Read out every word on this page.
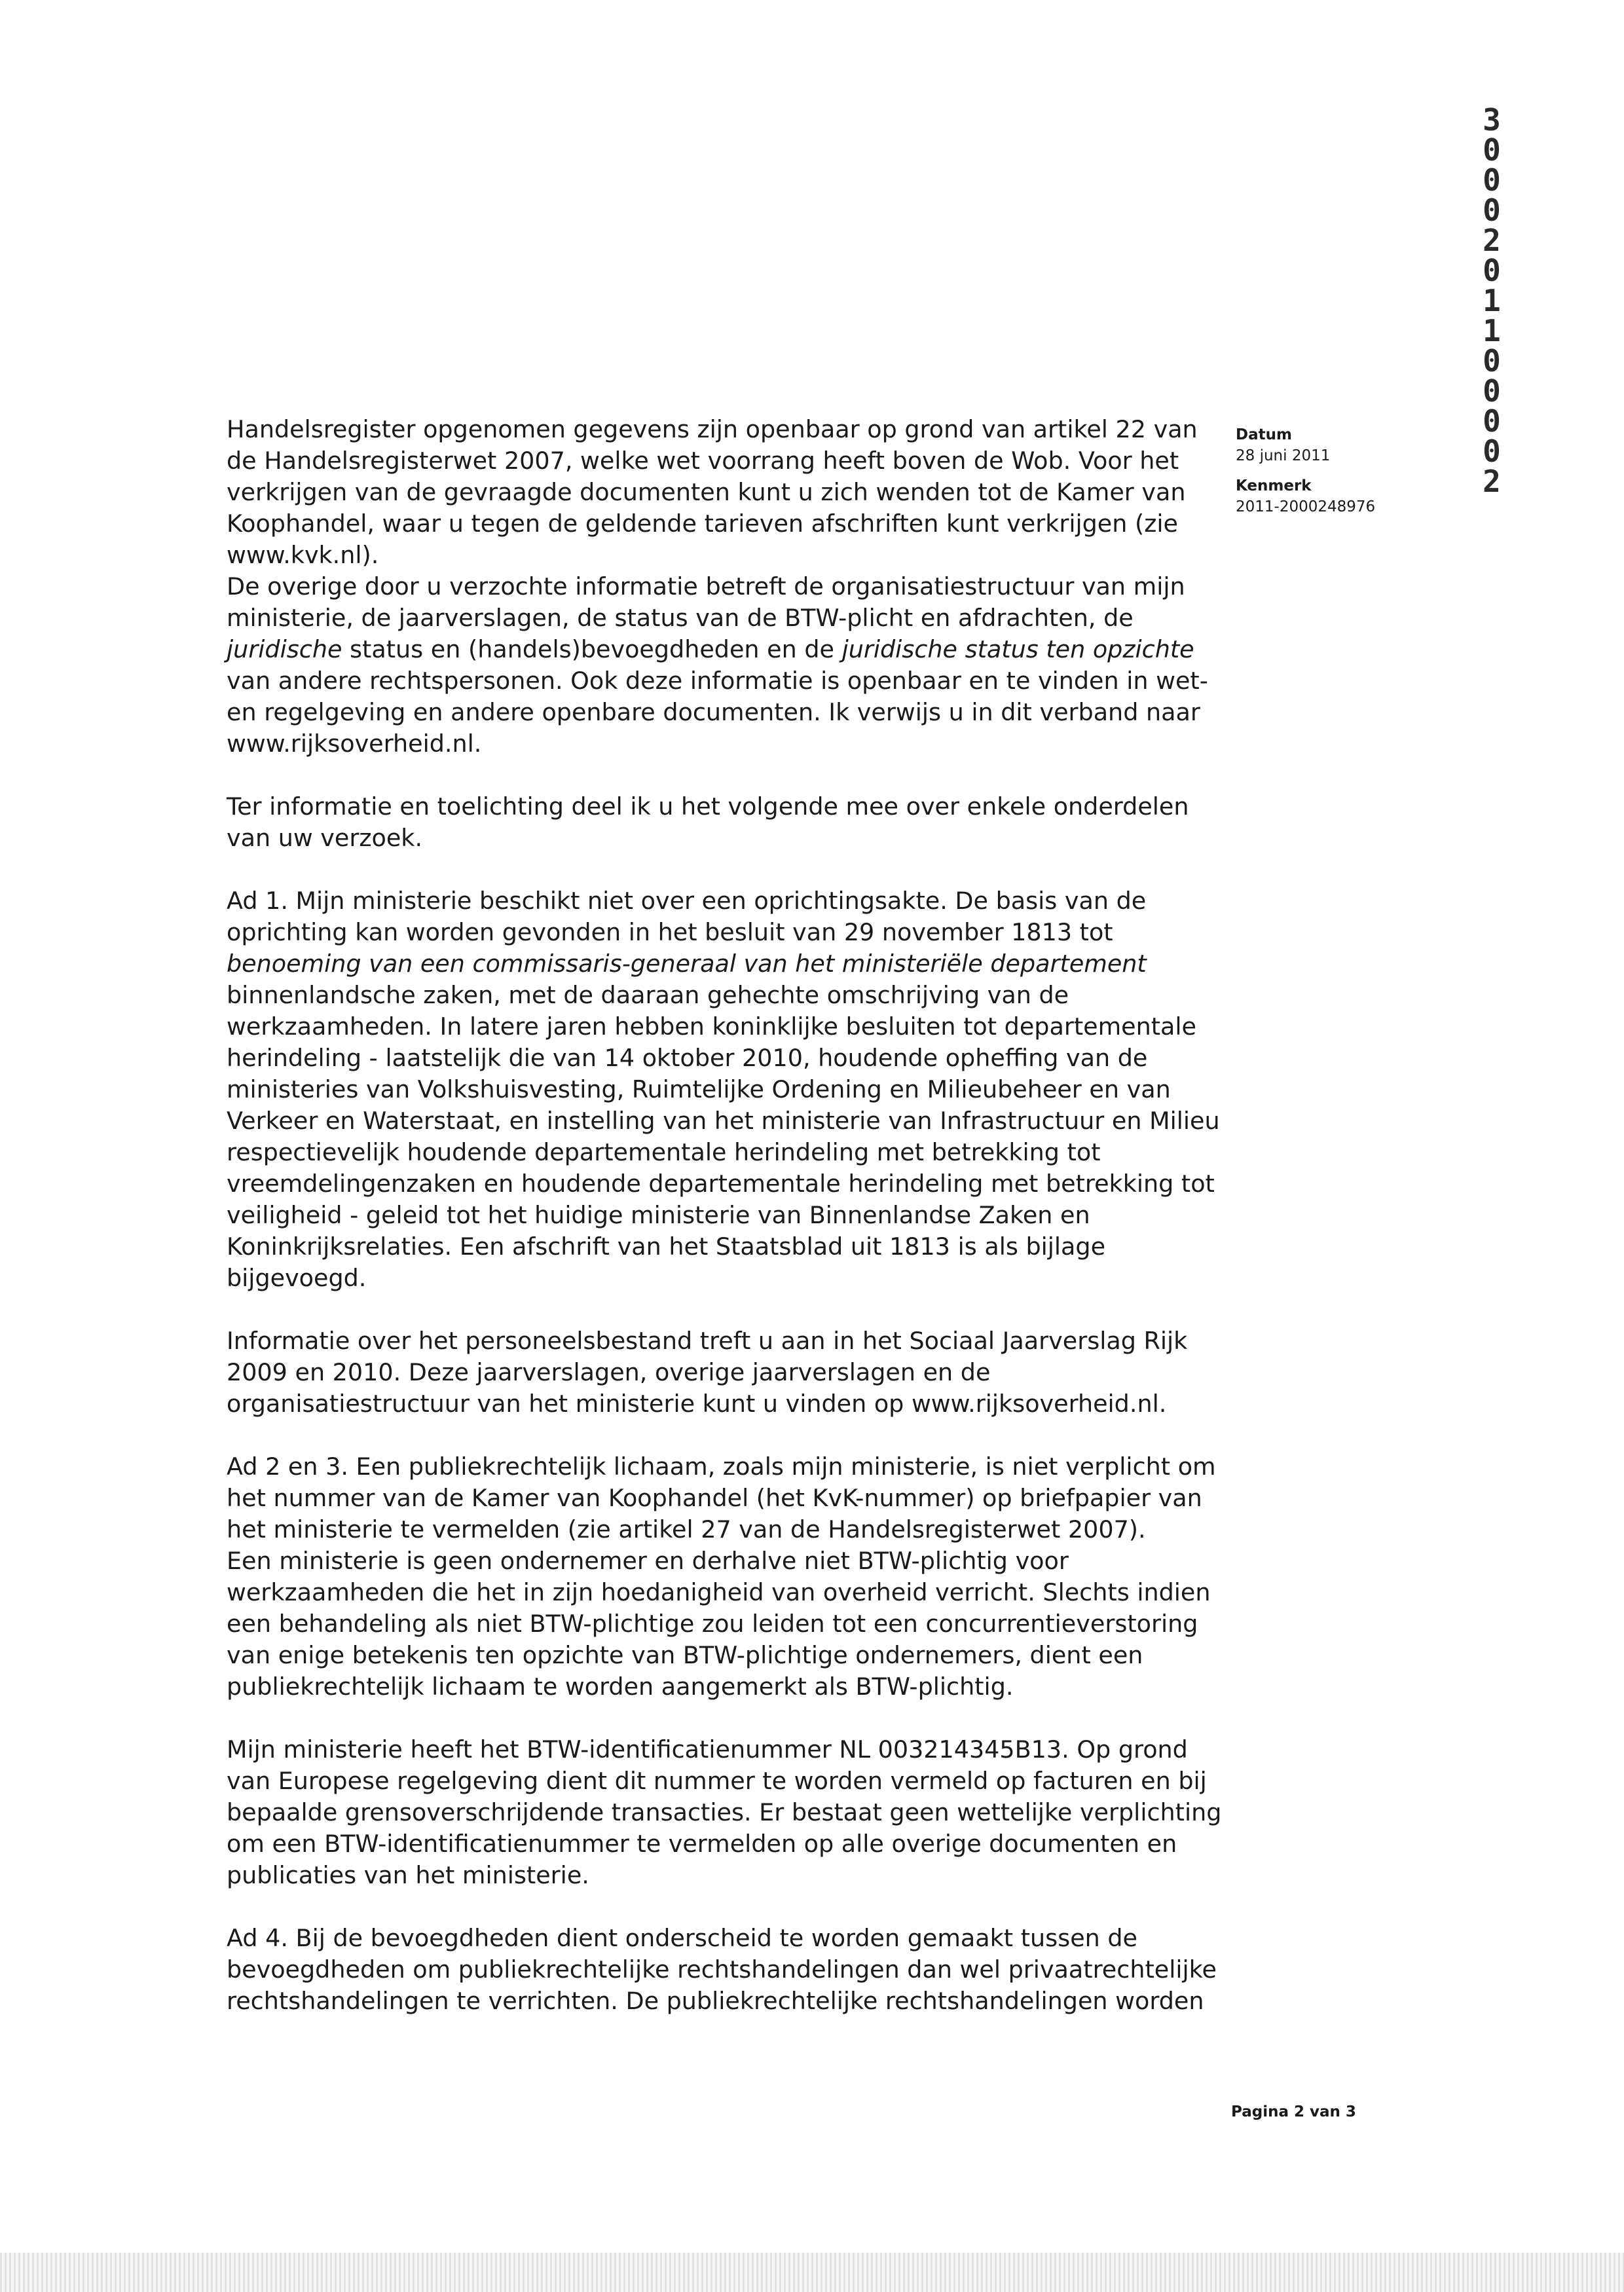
3
0
0
0
2
0
1
1
0
0
0
0
2
Datum
28 juni 2011
Kenmerk
2011-2000248976

Handelsregister opgenomen gegevens zijn openbaar op grond van artikel 22 van
de Handelsregisterwet 2007, welke wet voorrang heeft boven de Wob. Voor het
verkrijgen van de gevraagde documenten kunt u zich wenden tot de Kamer van
Koophandel, waar u tegen de geldende tarieven afschriften kunt verkrijgen (zie
www.kvk.nl).
De overige door u verzochte informatie betreft de organisatiestructuur van mijn
ministerie, de jaarverslagen, de status van de BTW-plicht en afdrachten, de
juridische status en (handels)bevoegdheden en de juridische status ten opzichte
van andere rechtspersonen. Ook deze informatie is openbaar en te vinden in wet-
en regelgeving en andere openbare documenten. Ik verwijs u in dit verband naar
www.rijksoverheid.nl.

Ter informatie en toelichting deel ik u het volgende mee over enkele onderdelen
van uw verzoek.

Ad 1. Mijn ministerie beschikt niet over een oprichtingsakte. De basis van de
oprichting kan worden gevonden in het besluit van 29 november 1813 tot
benoeming van een commissaris-generaal van het ministeriële departement
binnenlandsche zaken, met de daaraan gehechte omschrijving van de
werkzaamheden. In latere jaren hebben koninklijke besluiten tot departementale
herindeling - laatstelijk die van 14 oktober 2010, houdende opheffing van de
ministeries van Volkshuisvesting, Ruimtelijke Ordening en Milieubeheer en van
Verkeer en Waterstaat, en instelling van het ministerie van Infrastructuur en Milieu
respectievelijk houdende departementale herindeling met betrekking tot
vreemdelingenzaken en houdende departementale herindeling met betrekking tot
veiligheid - geleid tot het huidige ministerie van Binnenlandse Zaken en
Koninkrijksrelaties. Een afschrift van het Staatsblad uit 1813 is als bijlage
bijgevoegd.

Informatie over het personeelsbestand treft u aan in het Sociaal Jaarverslag Rijk
2009 en 2010. Deze jaarverslagen, overige jaarverslagen en de
organisatiestructuur van het ministerie kunt u vinden op www.rijksoverheid.nl.

Ad 2 en 3. Een publiekrechtelijk lichaam, zoals mijn ministerie, is niet verplicht om
het nummer van de Kamer van Koophandel (het KvK-nummer) op briefpapier van
het ministerie te vermelden (zie artikel 27 van de Handelsregisterwet 2007).
Een ministerie is geen ondernemer en derhalve niet BTW-plichtig voor
werkzaamheden die het in zijn hoedanigheid van overheid verricht. Slechts indien
een behandeling als niet BTW-plichtige zou leiden tot een concurrentieverstoring
van enige betekenis ten opzichte van BTW-plichtige ondernemers, dient een
publiekrechtelijk lichaam te worden aangemerkt als BTW-plichtig.

Mijn ministerie heeft het BTW-identificatienummer NL 003214345B13. Op grond
van Europese regelgeving dient dit nummer te worden vermeld op facturen en bij
bepaalde grensoverschrijdende transacties. Er bestaat geen wettelijke verplichting
om een BTW-identificatienummer te vermelden op alle overige documenten en
publicaties van het ministerie.

Ad 4. Bij de bevoegdheden dient onderscheid te worden gemaakt tussen de
bevoegdheden om publiekrechtelijke rechtshandelingen dan wel privaatrechtelijke
rechtshandelingen te verrichten. De publiekrechtelijke rechtshandelingen worden

Pagina 2 van 3
